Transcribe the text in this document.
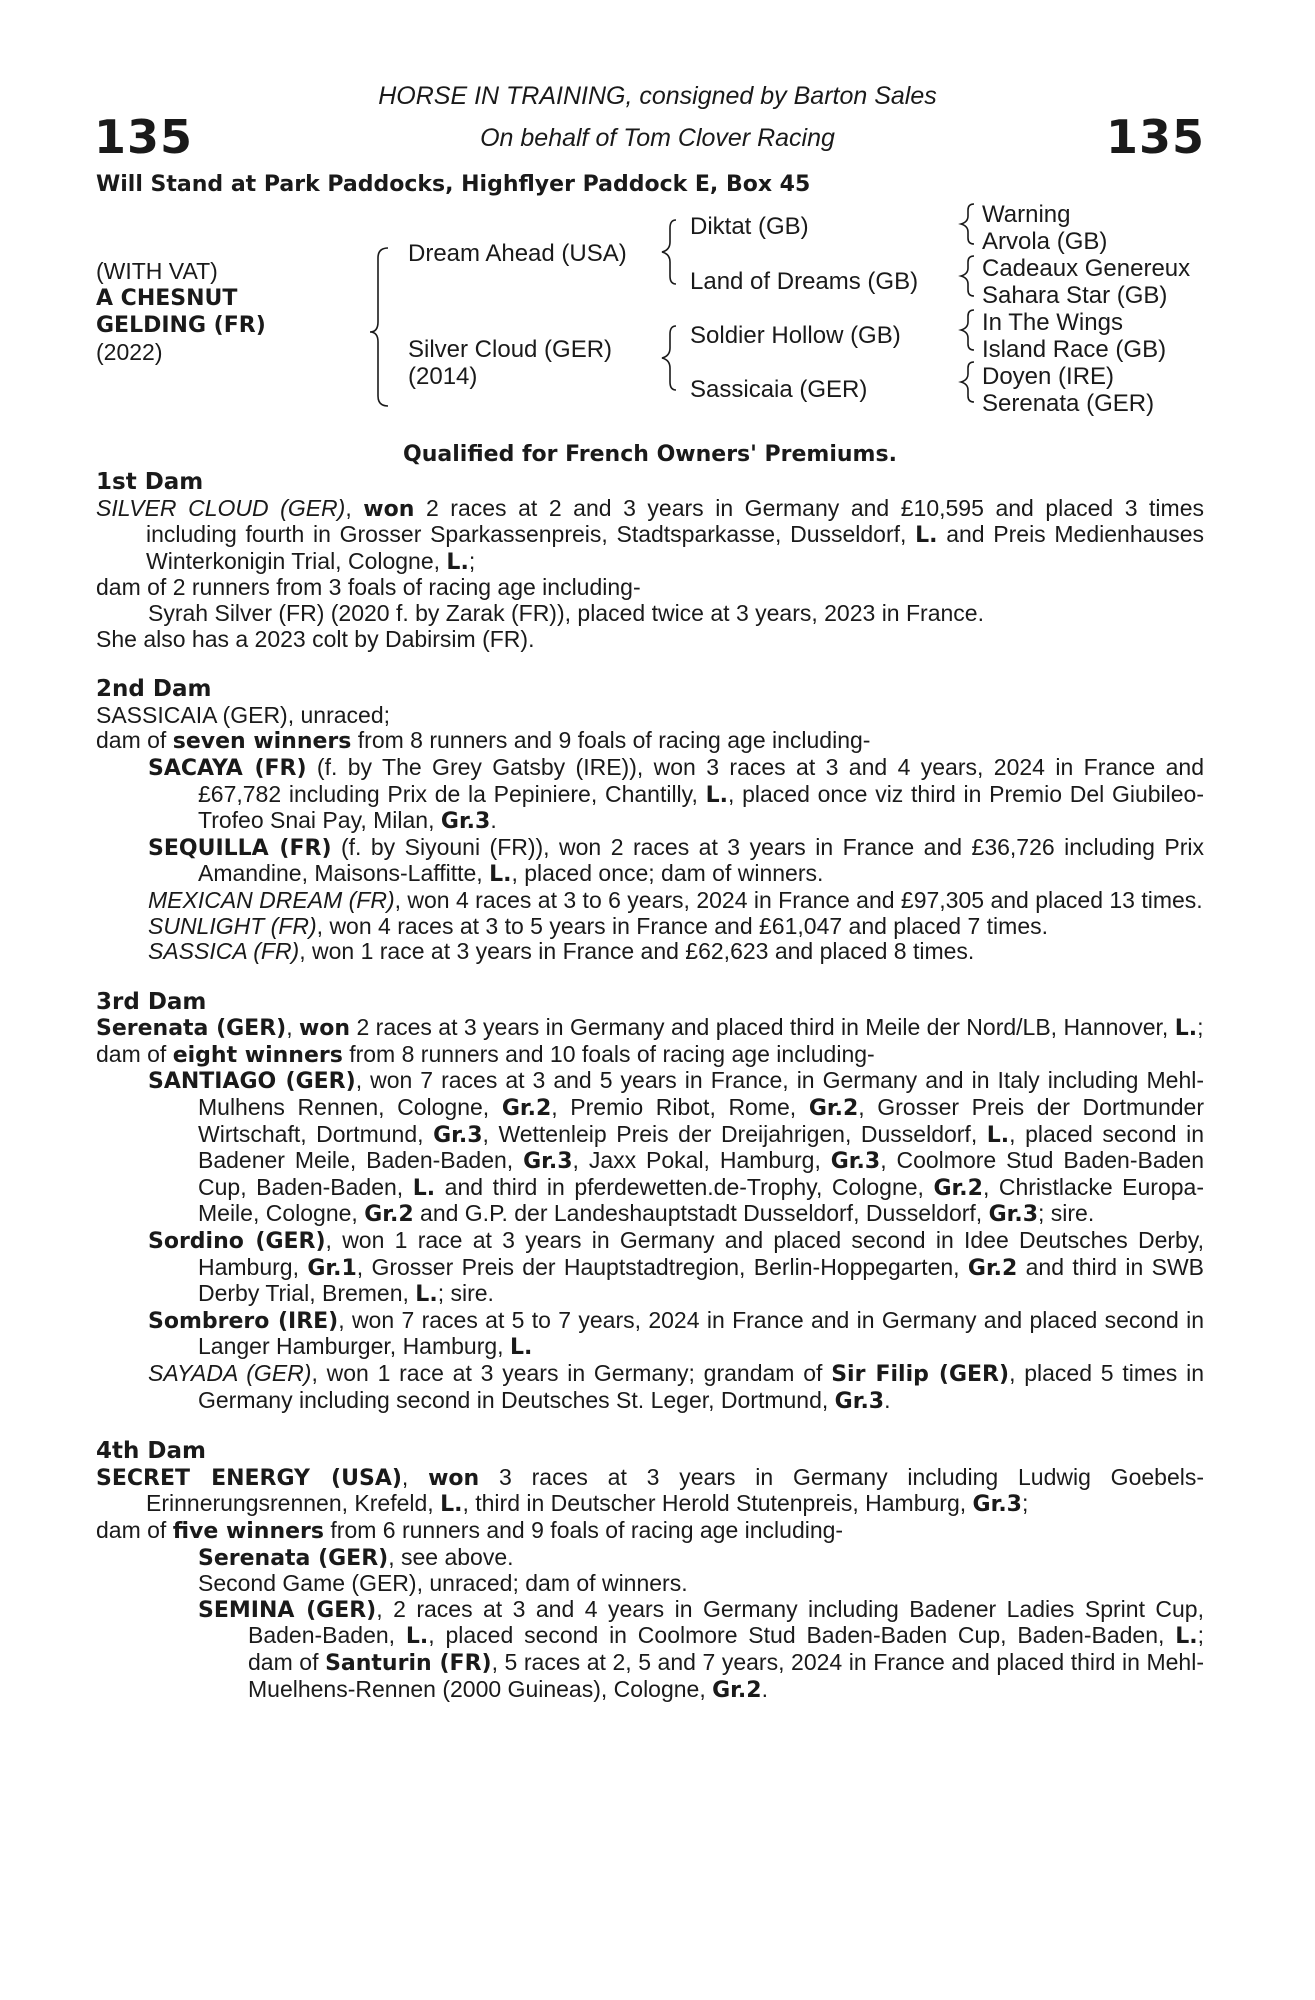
135	135
HORSE IN TRAINING, consigned by Barton Sales
On behalf of Tom Clover Racing
Will Stand at Park Paddocks, Highflyer Paddock E, Box 45
(WITH VAT)
A CHESNUT
GELDING (FR)
(2022)
Dream Ahead (USA)
Silver Cloud (GER)
(2014)
Diktat (GB)
Land of Dreams (GB)
Soldier Hollow (GB)
Sassicaia (GER)
Warning
Arvola (GB)
Cadeaux Genereux
Sahara Star (GB)
In The Wings
Island Race (GB)
Doyen (IRE)
Serenata (GER)
Qualified for French Owners' Premiums.

1st Dam

SILVER CLOUD (GER), won 2 races at 2 and 3 years in Germany and £10,595 and placed 3 times including fourth in Grosser Sparkassenpreis, Stadtsparkasse, Dusseldorf, L. and Preis Medienhauses Winterkonigin Trial, Cologne, L.;

dam of 2 runners from 3 foals of racing age including-

Syrah Silver (FR) (2020 f. by Zarak (FR)), placed twice at 3 years, 2023 in France.

She also has a 2023 colt by Dabirsim (FR).

2nd Dam

SASSICAIA (GER), unraced;

dam of seven winners from 8 runners and 9 foals of racing age including-

SACAYA (FR) (f. by The Grey Gatsby (IRE)), won 3 races at 3 and 4 years, 2024 in France and £67,782 including Prix de la Pepiniere, Chantilly, L., placed once viz third in Premio Del Giubileo-Trofeo Snai Pay, Milan, Gr.3.

SEQUILLA (FR) (f. by Siyouni (FR)), won 2 races at 3 years in France and £36,726 including Prix Amandine, Maisons-Laffitte, L., placed once; dam of winners.

MEXICAN DREAM (FR), won 4 races at 3 to 6 years, 2024 in France and £97,305 and placed 13 times.

SUNLIGHT (FR), won 4 races at 3 to 5 years in France and £61,047 and placed 7 times.

SASSICA (FR), won 1 race at 3 years in France and £62,623 and placed 8 times.

3rd Dam

Serenata (GER), won 2 races at 3 years in Germany and placed third in Meile der Nord/LB, Hannover, L.;

dam of eight winners from 8 runners and 10 foals of racing age including-

SANTIAGO (GER), won 7 races at 3 and 5 years in France, in Germany and in Italy including Mehl-Mulhens Rennen, Cologne, Gr.2, Premio Ribot, Rome, Gr.2, Grosser Preis der Dortmunder Wirtschaft, Dortmund, Gr.3, Wettenleip Preis der Dreijahrigen, Dusseldorf, L., placed second in Badener Meile, Baden-Baden, Gr.3, Jaxx Pokal, Hamburg, Gr.3, Coolmore Stud Baden-Baden Cup, Baden-Baden, L. and third in pferdewetten.de-Trophy, Cologne, Gr.2, Christlacke Europa-Meile, Cologne, Gr.2 and G.P. der Landeshauptstadt Dusseldorf, Dusseldorf, Gr.3; sire.

Sordino (GER), won 1 race at 3 years in Germany and placed second in Idee Deutsches Derby, Hamburg, Gr.1, Grosser Preis der Hauptstadtregion, Berlin-Hoppegarten, Gr.2 and third in SWB Derby Trial, Bremen, L.; sire.

Sombrero (IRE), won 7 races at 5 to 7 years, 2024 in France and in Germany and placed second in Langer Hamburger, Hamburg, L.

SAYADA (GER), won 1 race at 3 years in Germany; grandam of Sir Filip (GER), placed 5 times in Germany including second in Deutsches St. Leger, Dortmund, Gr.3.

4th Dam

SECRET ENERGY (USA), won 3 races at 3 years in Germany including Ludwig Goebels-Erinnerungsrennen, Krefeld, L., third in Deutscher Herold Stutenpreis, Hamburg, Gr.3;

dam of five winners from 6 runners and 9 foals of racing age including-

Serenata (GER), see above.

Second Game (GER), unraced; dam of winners.

SEMINA (GER), 2 races at 3 and 4 years in Germany including Badener Ladies Sprint Cup, Baden-Baden, L., placed second in Coolmore Stud Baden-Baden Cup, Baden-Baden, L.; dam of Santurin (FR), 5 races at 2, 5 and 7 years, 2024 in France and placed third in Mehl-Muelhens-Rennen (2000 Guineas), Cologne, Gr.2.
